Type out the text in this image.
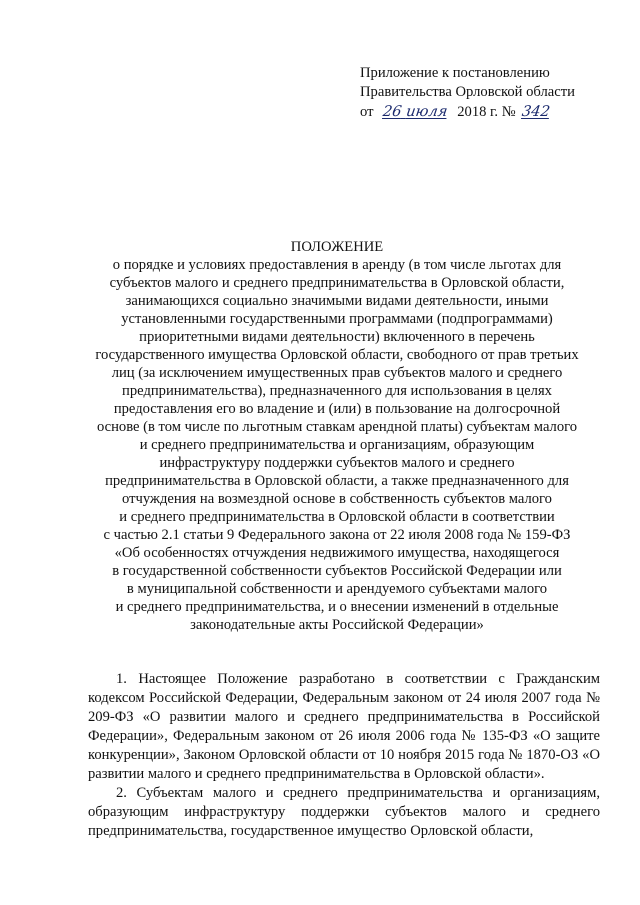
Приложение к постановлению
Правительства Орловской области
от 26 июля 2018 г. № 342
ПОЛОЖЕНИЕ
о порядке и условиях предоставления в аренду (в том числе льготах для
субъектов малого и среднего предпринимательства в Орловской области,
занимающихся социально значимыми видами деятельности, иными
установленными государственными программами (подпрограммами)
приоритетными видами деятельности) включенного в перечень
государственного имущества Орловской области, свободного от прав третьих
лиц (за исключением имущественных прав субъектов малого и среднего
предпринимательства), предназначенного для использования в целях
предоставления его во владение и (или) в пользование на долгосрочной
основе (в том числе по льготным ставкам арендной платы) субъектам малого
и среднего предпринимательства и организациям, образующим
инфраструктуру поддержки субъектов малого и среднего
предпринимательства в Орловской области, а также предназначенного для
отчуждения на возмездной основе в собственность субъектов малого
и среднего предпринимательства в Орловской области в соответствии
с частью 2.1 статьи 9 Федерального закона от 22 июля 2008 года № 159-ФЗ
«Об особенностях отчуждения недвижимого имущества, находящегося
в государственной собственности субъектов Российской Федерации или
в муниципальной собственности и арендуемого субъектами малого
и среднего предпринимательства, и о внесении изменений в отдельные
законодательные акты Российской Федерации»

1. Настоящее Положение разработано в соответствии с Гражданским кодексом Российской Федерации, Федеральным законом от 24 июля 2007 года № 209-ФЗ «О развитии малого и среднего предпринимательства в Российской Федерации», Федеральным законом от 26 июля 2006 года № 135-ФЗ «О защите конкуренции», Законом Орловской области от 10 ноября 2015 года № 1870-ОЗ «О развитии малого и среднего предпринимательства в Орловской области».

2. Субъектам малого и среднего предпринимательства и организациям, образующим инфраструктуру поддержки субъектов малого и среднего предпринимательства, государственное имущество Орловской области,
